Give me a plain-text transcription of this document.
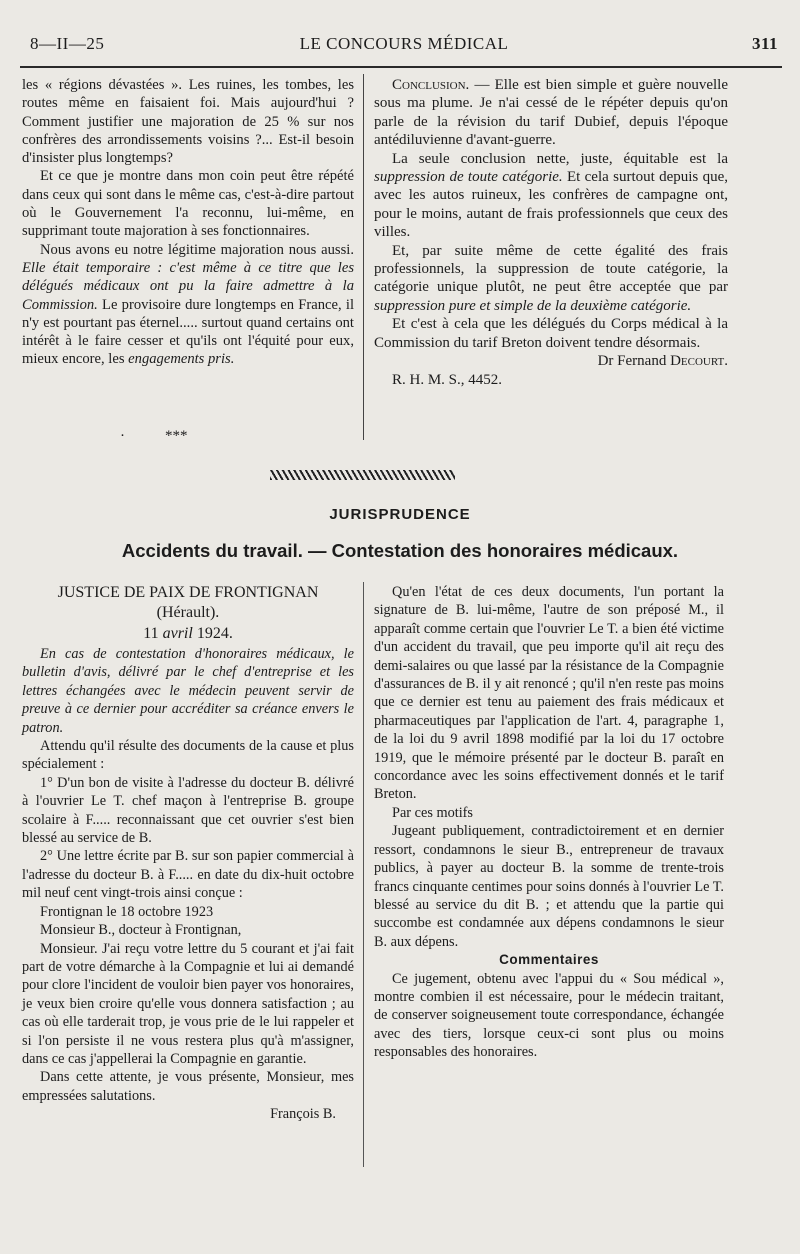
8—II—25	LE CONCOURS MÉDICAL	311

les « régions dévastées ». Les ruines, les tombes, les routes même en faisaient foi. Mais aujourd'hui ? Comment justifier une majoration de 25 % sur nos confrères des arrondissements voisins ?... Est-il besoin d'insister plus longtemps?

Et ce que je montre dans mon coin peut être répété dans ceux qui sont dans le même cas, c'est-à-dire partout où le Gouvernement l'a reconnu, lui-même, en supprimant toute majoration à ses fonctionnaires.

Nous avons eu notre légitime majoration nous aussi. Elle était temporaire : c'est même à ce titre que les délégués médicaux ont pu la faire admettre à la Commission. Le provisoire dure longtemps en France, il n'y est pourtant pas éternel..... surtout quand certains ont intérêt à le faire cesser et qu'ils ont l'équité pour eux, mieux encore, les engagements pris.

·	***

Conclusion. — Elle est bien simple et guère nouvelle sous ma plume. Je n'ai cessé de le répéter depuis qu'on parle de la révision du tarif Dubief, depuis l'époque antédiluvienne d'avant-guerre.

La seule conclusion nette, juste, équitable est la suppression de toute catégorie. Et cela surtout depuis que, avec les autos ruineux, les confrères de campagne ont, pour le moins, autant de frais professionnels que ceux des villes.

Et, par suite même de cette égalité des frais professionnels, la suppression de toute catégorie, la catégorie unique plutôt, ne peut être acceptée que par suppression pure et simple de la deuxième catégorie.

Et c'est à cela que les délégués du Corps médical à la Commission du tarif Breton doivent tendre désormais.

Dr Fernand Decourt.

R. H. M. S., 4452.

JURISPRUDENCE
Accidents du travail. — Contestation des honoraires médicaux.

JUSTICE DE PAIX DE FRONTIGNAN

(Hérault).

11 avril 1924.

En cas de contestation d'honoraires médicaux, le bulletin d'avis, délivré par le chef d'entreprise et les lettres échangées avec le médecin peuvent servir de preuve à ce dernier pour accréditer sa créance envers le patron.

Attendu qu'il résulte des documents de la cause et plus spécialement :

1° D'un bon de visite à l'adresse du docteur B. délivré à l'ouvrier Le T. chef maçon à l'entreprise B. groupe scolaire à F..... reconnaissant que cet ouvrier s'est bien blessé au service de B.

2° Une lettre écrite par B. sur son papier commercial à l'adresse du docteur B. à F..... en date du dix-huit octobre mil neuf cent vingt-trois ainsi conçue :

Frontignan le 18 octobre 1923

Monsieur B., docteur à Frontignan,

Monsieur. J'ai reçu votre lettre du 5 courant et j'ai fait part de votre démarche à la Compagnie et lui ai demandé pour clore l'incident de vouloir bien payer vos honoraires, je veux bien croire qu'elle vous donnera satisfaction ; au cas où elle tarderait trop, je vous prie de le lui rappeler et si l'on persiste il ne vous restera plus qu'à m'assigner, dans ce cas j'appellerai la Compagnie en garantie.

Dans cette attente, je vous présente, Monsieur, mes empressées salutations.

François B.

Qu'en l'état de ces deux documents, l'un portant la signature de B. lui-même, l'autre de son préposé M., il apparaît comme certain que l'ouvrier Le T. a bien été victime d'un accident du travail, que peu importe qu'il ait reçu des demi-salaires ou que lassé par la résistance de la Compagnie d'assurances de B. il y ait renoncé ; qu'il n'en reste pas moins que ce dernier est tenu au paiement des frais médicaux et pharmaceutiques par l'application de l'art. 4, paragraphe 1, de la loi du 9 avril 1898 modifié par la loi du 17 octobre 1919, que le mémoire présenté par le docteur B. paraît en concordance avec les soins effectivement donnés et le tarif Breton.

Par ces motifs

Jugeant publiquement, contradictoirement et en dernier ressort, condamnons le sieur B., entrepreneur de travaux publics, à payer au docteur B. la somme de trente-trois francs cinquante centimes pour soins donnés à l'ouvrier Le T. blessé au service du dit B. ; et attendu que la partie qui succombe est condamnée aux dépens condamnons le sieur B. aux dépens.

Commentaires

Ce jugement, obtenu avec l'appui du « Sou médical », montre combien il est nécessaire, pour le médecin traitant, de conserver soigneusement toute correspondance, échangée avec des tiers, lorsque ceux-ci sont plus ou moins responsables des honoraires.
